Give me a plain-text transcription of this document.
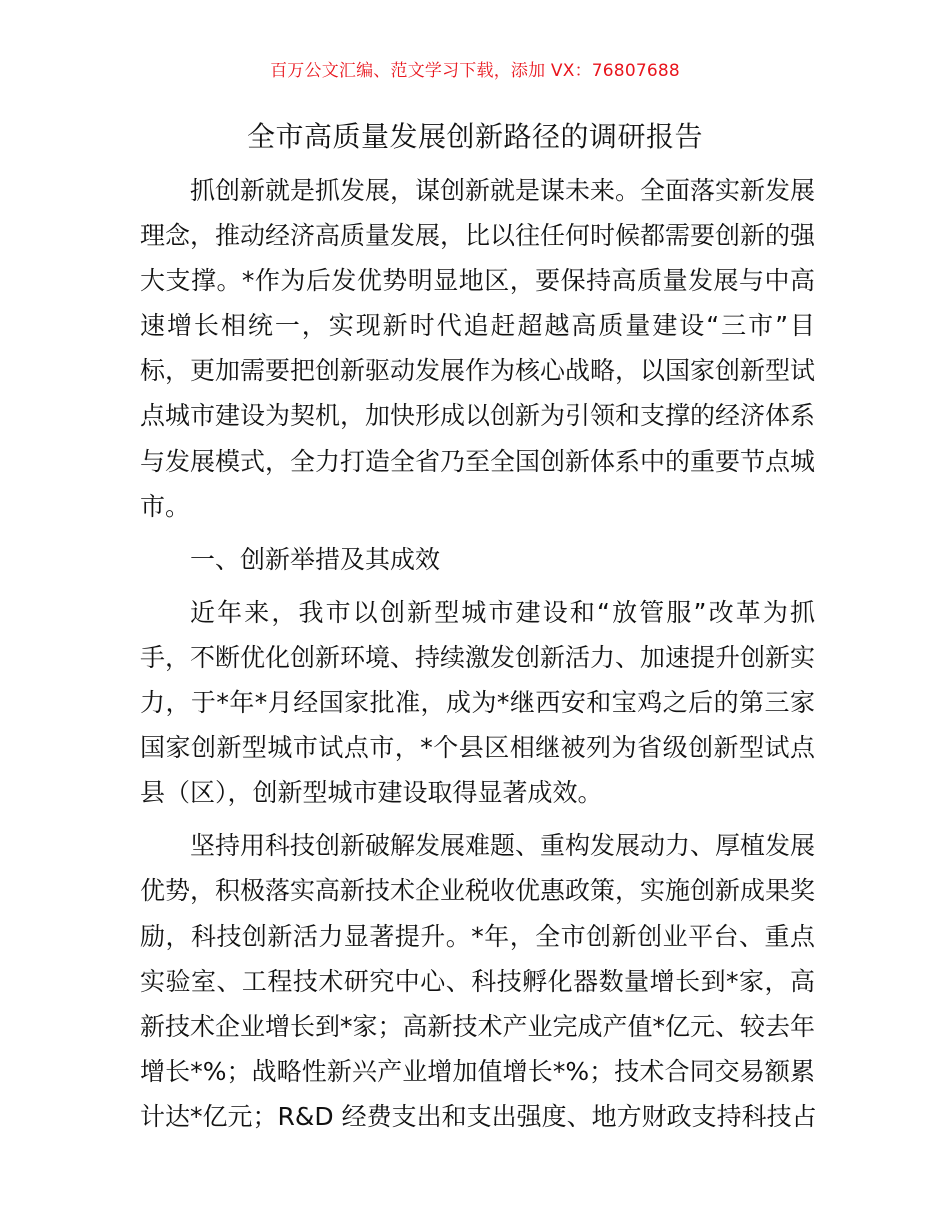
百万公文汇编、范文学习下载，添加 VX：76807688
全市高质量发展创新路径的调研报告
抓创新就是抓发展，谋创新就是谋未来。全面落实新发展
理念，推动经济高质量发展，比以往任何时候都需要创新的强
大支撑。*作为后发优势明显地区，要保持高质量发展与中高
速增长相统一，实现新时代追赶超越高质量建设“三市”目
标，更加需要把创新驱动发展作为核心战略，以国家创新型试
点城市建设为契机，加快形成以创新为引领和支撑的经济体系
与发展模式，全力打造全省乃至全国创新体系中的重要节点城
市。
一、创新举措及其成效
近年来，我市以创新型城市建设和“放管服”改革为抓
手，不断优化创新环境、持续激发创新活力、加速提升创新实
力，于*年*月经国家批准，成为*继西安和宝鸡之后的第三家
国家创新型城市试点市，*个县区相继被列为省级创新型试点
县（区），创新型城市建设取得显著成效。
坚持用科技创新破解发展难题、重构发展动力、厚植发展
优势，积极落实高新技术企业税收优惠政策，实施创新成果奖
励，科技创新活力显著提升。*年，全市创新创业平台、重点
实验室、工程技术研究中心、科技孵化器数量增长到*家，高
新技术企业增长到*家；高新技术产业完成产值*亿元、较去年
增长*%；战略性新兴产业增加值增长*%；技术合同交易额累
计达*亿元；R&D 经费支出和支出强度、地方财政支持科技占
